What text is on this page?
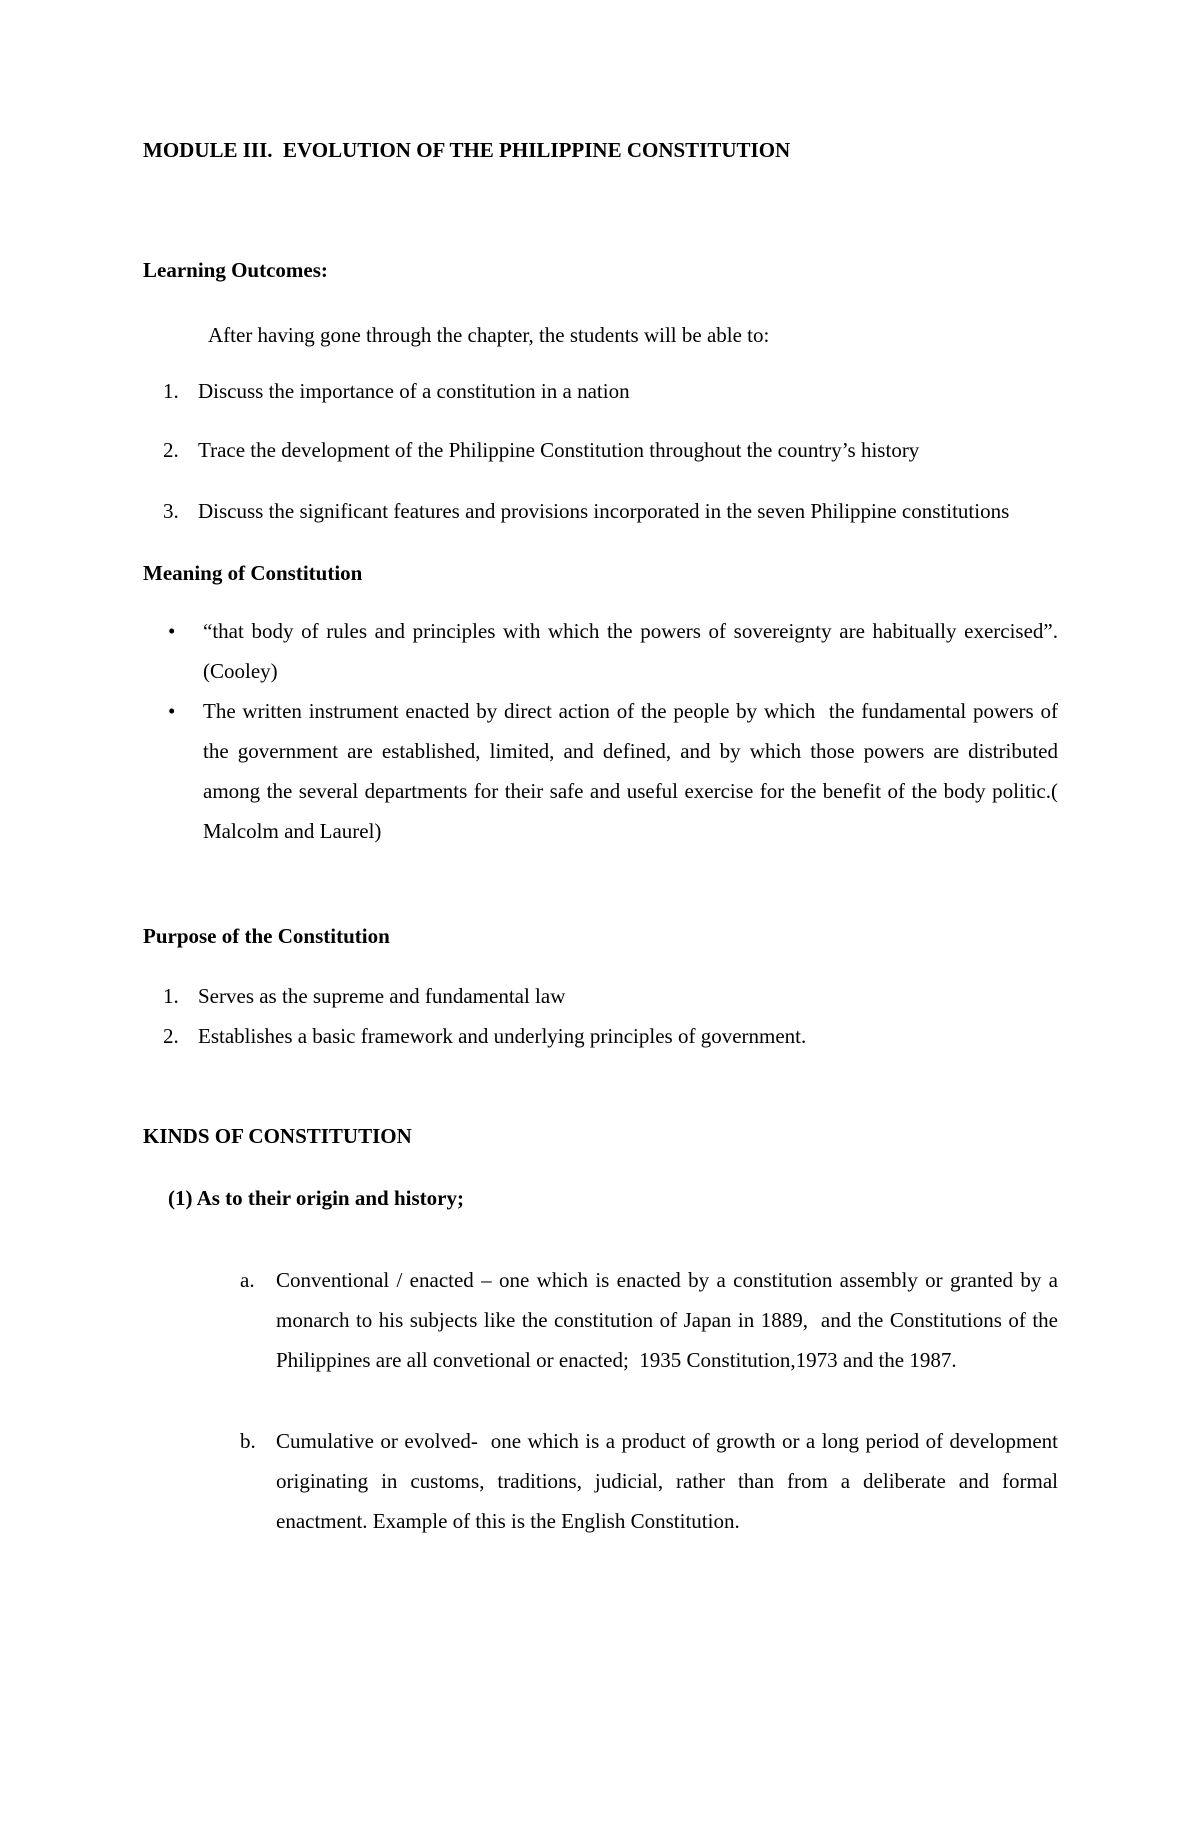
MODULE III.  EVOLUTION OF THE PHILIPPINE CONSTITUTION
Learning Outcomes:

After having gone through the chapter, the students will be able to:

1. Discuss the importance of a constitution in a nation
2. Trace the development of the Philippine Constitution throughout the country’s history
3. Discuss the significant features and provisions incorporated in the seven Philippine constitutions
Meaning of Constitution
•	“that body of rules and principles with which the powers of sovereignty are habitually exercised”. (Cooley)
•	The written instrument enacted by direct action of the people by which  the fundamental powers of the government are established, limited, and defined, and by which those powers are distributed among the several departments for their safe and useful exercise for the benefit of the body politic.( Malcolm and Laurel)
Purpose of the Constitution
1. Serves as the supreme and fundamental law
2. Establishes a basic framework and underlying principles of government.
KINDS OF CONSTITUTION
(1) As to their origin and history;
a.	Conventional / enacted – one which is enacted by a constitution assembly or granted by a monarch to his subjects like the constitution of Japan in 1889,  and the Constitutions of the Philippines are all convetional or enacted;  1935 Constitution,1973 and the 1987.
b. Cumulative or evolved-  one which is a product of growth or a long period of development originating in customs, traditions, judicial, rather than from a deliberate and formal enactment. Example of this is the English Constitution.
